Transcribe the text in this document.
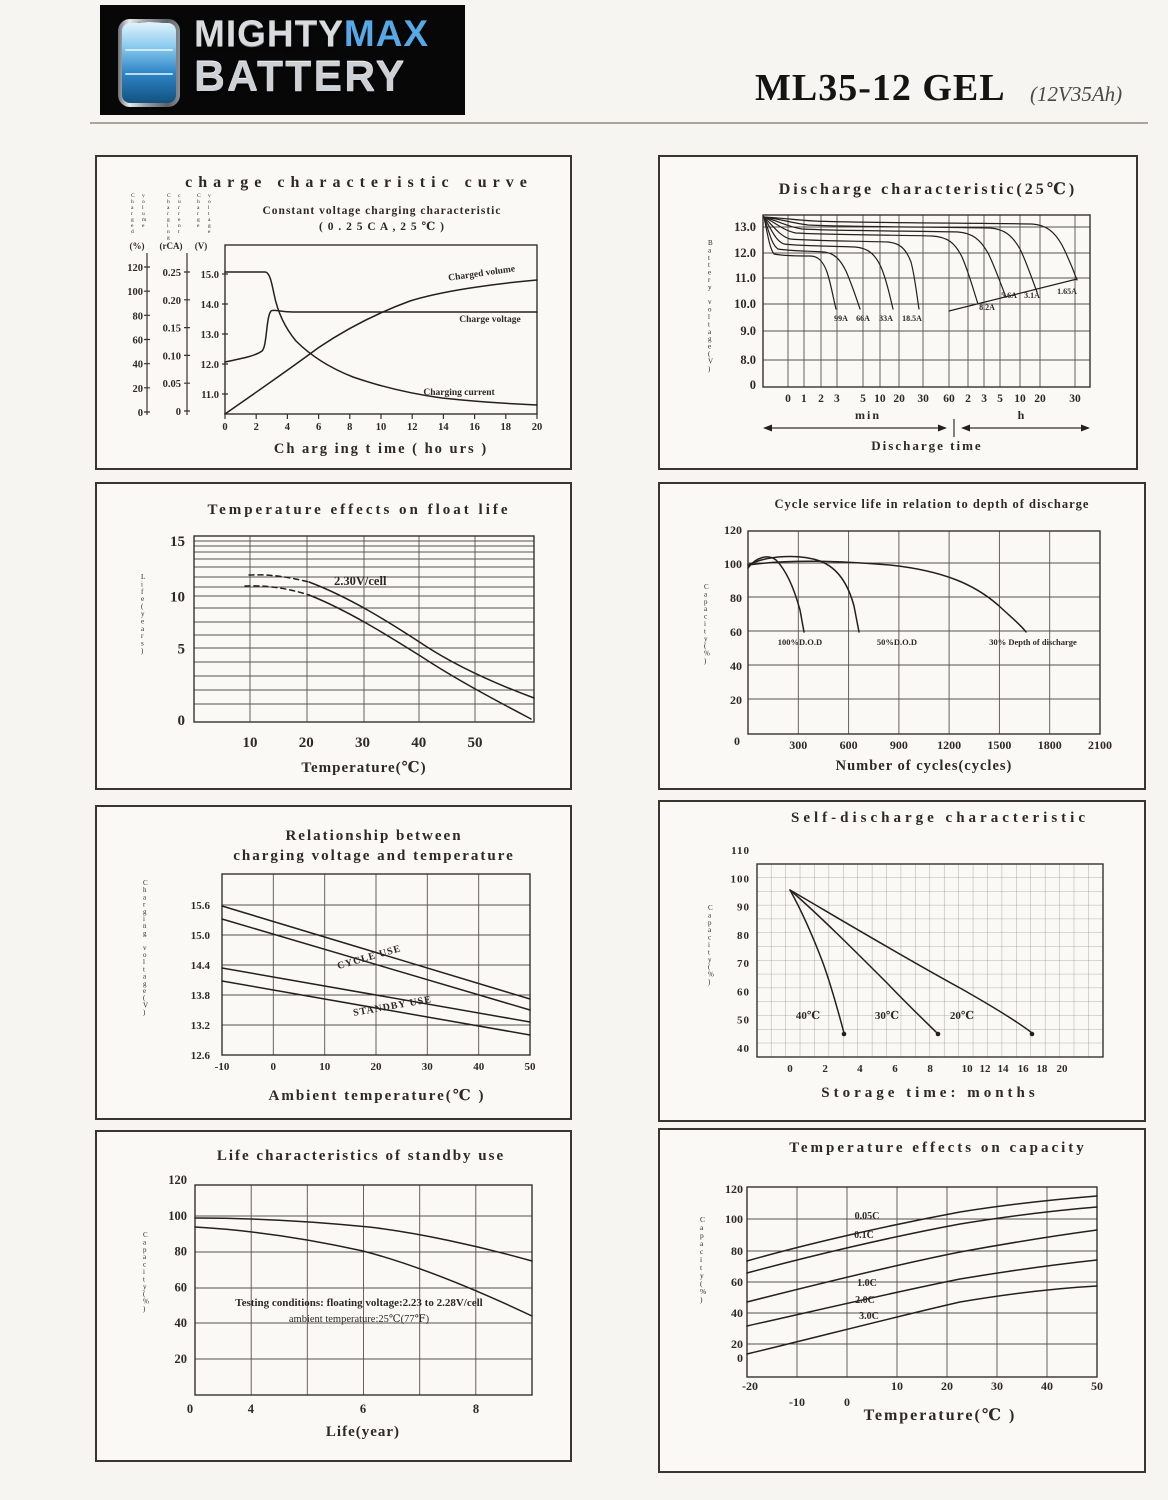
MIGHTYMAX
BATTERY	ML35-12 GEL (12V35Ah)
charge characteristic curve
Constant voltage charging characteristic
( 0 . 2 5 C A , 2 5 ℃ )
C h a r g e d
v o l u m e
C h a r g i n g
c u r r e n t
C h a r g e
v o l t a g e
(%) (rCA) (V)
120
100
80
60
40
20
0
0.25
0.20
0.15
0.10
0.05
0
15.0
14.0
13.0
12.0
11.0
0 2 4 6 8 10 12 14 16 18 20
Ch arg ing t ime ( ho urs )
Charged volume
Charge voltage
Charging current
Discharge characteristic(25℃)
B a t t e r y v o l t a g e ( V )
13.0
12.0
11.0
10.0
9.0
8.0
0
0 1 2 3 5 10 20 30 60 2 3 5 10 20 30
min	h
Discharge time
99A 66A 33A 18.5A
8.2A
5.6A 3.1A 1.65A
Temperature effects on float life
L i f e ( y e a r s )
15
10
5
0
10	20	30	40	50
Temperature(℃)
2.30V/cell
Cycle service life in relation to depth of discharge
C a p a c i t y ( % )
120
100
80
60
40
20
0	300	600	900 1200 1500 1800 2100
Number of cycles(cycles)
100%D.O.D	50%D.O.D	30% Depth of discharge
Relationship between
charging voltage and temperature
C h a r g i n g v o l t a g e ( V )
15.6
15.0
14.4
13.8
13.2
12.6
-10	0	10	20	30	40	50
Ambient temperature(℃ )
CYCLE USE
STANDBY USE
Self-discharge characteristic
C a p a c i t y ( % )
110
100
90
80
70
60
50
40
0	2	4	6	8	10 12 14 16 18 20
Storage time: months
40℃	30℃	20℃
Life characteristics of standby use
C a p a c i t y ( % )
120
100
80
60
40
20
0	4	6	8
Life(year)
Testing conditions: floating voltage:2.23 to 2.28V/cell
ambient temperature:25℃(77℉)
Temperature effects on capacity
C a p a c i t y ( % )
120
100
80
60
40
20
0
-20	10	20	30	40	50
-10	0
Temperature(℃ )
0.05C
0.1C
1.0C
2.0C
3.0C
